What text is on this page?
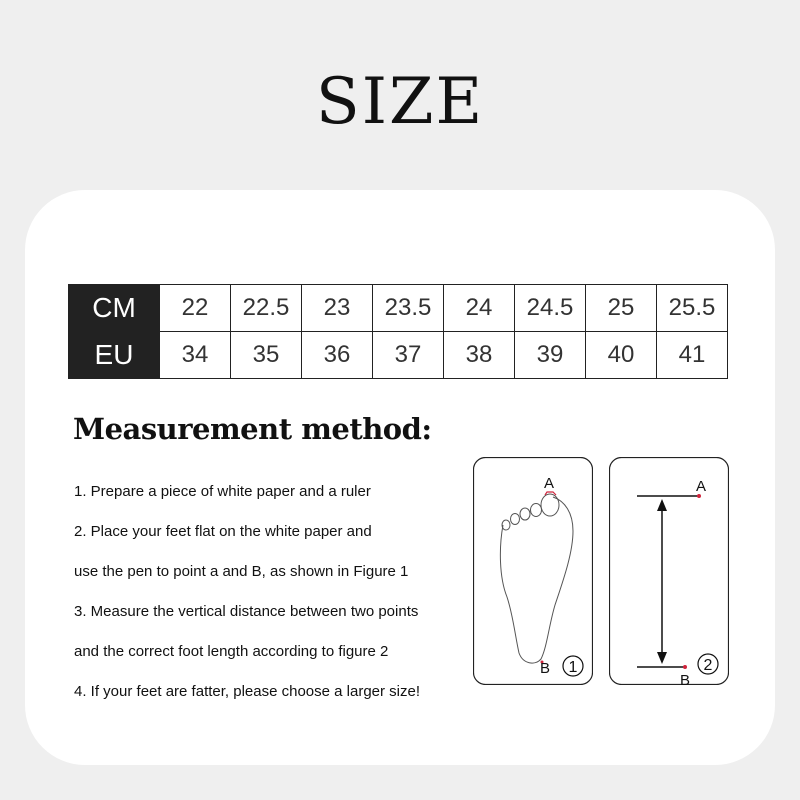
SIZE
CM	22	22.5	23	23.5	24	24.5	25	25.5
EU	34	35	36	37	38	39	40	41
Measurement method:
1. Prepare a piece of white paper and a ruler
2. Place your feet flat on the white paper and
use the pen to point a and B, as shown in Figure 1
3. Measure the vertical distance between two points
and the correct foot length according to figure 2
4. If your feet are fatter, please choose a larger size!
A
B 1
A
B
2
